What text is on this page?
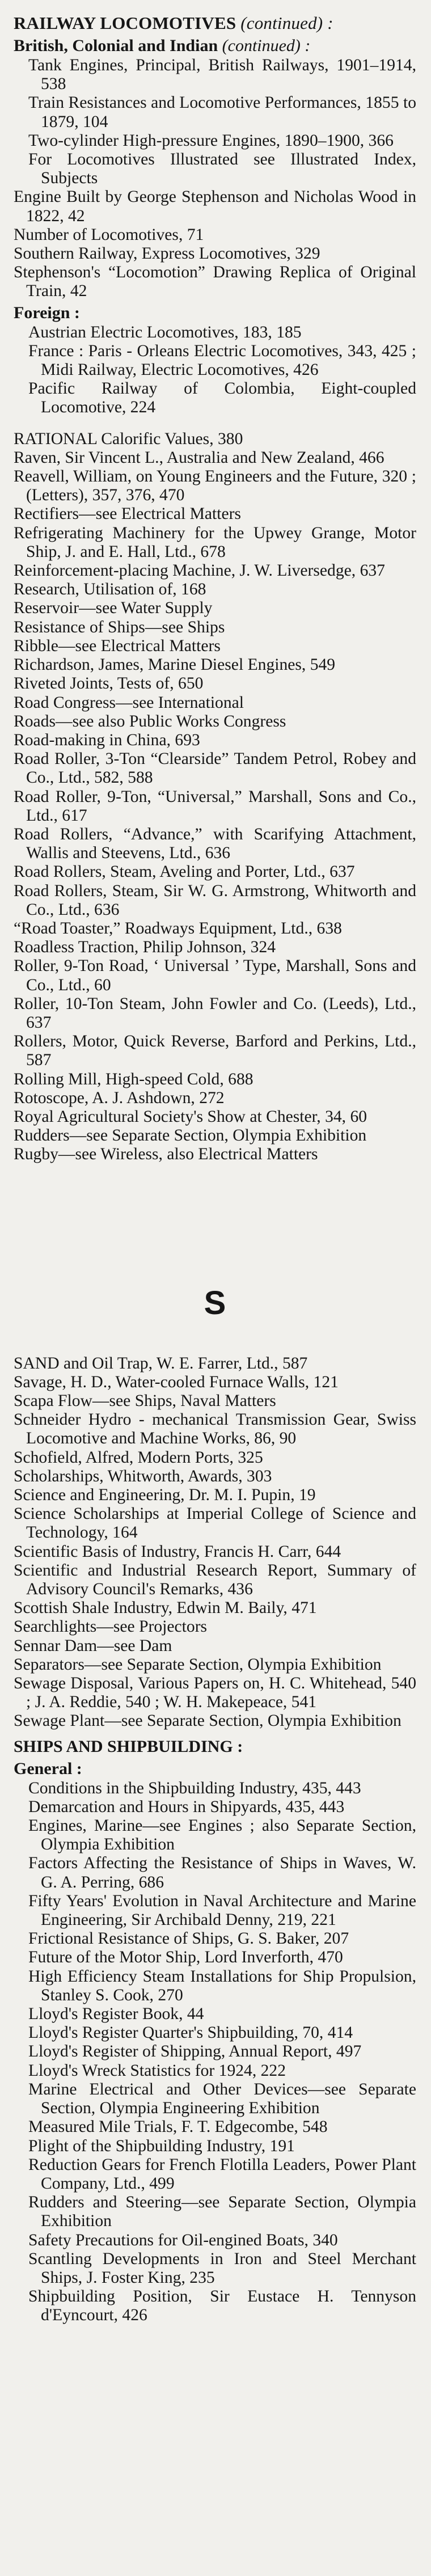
RAILWAY LOCOMOTIVES (continued) :
British, Colonial and Indian (continued) :

Tank Engines, Principal, British Railways, 1901–1914, 538

Train Resistances and Locomotive Performances, 1855 to 1879, 104

Two-cylinder High-pressure Engines, 1890–1900, 366

For Locomotives Illustrated see Illustrated Index, Subjects

Engine Built by George Stephenson and Nicholas Wood in 1822, 42

Number of Locomotives, 71

Southern Railway, Express Locomotives, 329

Stephenson's “Locomotion” Drawing Replica of Original Train, 42

Foreign :

Austrian Electric Locomotives, 183, 185

France : Paris - Orleans Electric Locomotives, 343, 425 ; Midi Railway, Electric Locomotives, 426

Pacific Railway of Colombia, Eight-coupled Locomotive, 224

RATIONAL Calorific Values, 380

Raven, Sir Vincent L., Australia and New Zealand, 466

Reavell, William, on Young Engineers and the Future, 320 ; (Letters), 357, 376, 470

Rectifiers—see Electrical Matters

Refrigerating Machinery for the Upwey Grange, Motor Ship, J. and E. Hall, Ltd., 678

Reinforcement-placing Machine, J. W. Liversedge, 637

Research, Utilisation of, 168

Reservoir—see Water Supply

Resistance of Ships—see Ships

Ribble—see Electrical Matters

Richardson, James, Marine Diesel Engines, 549

Riveted Joints, Tests of, 650

Road Congress—see International

Roads—see also Public Works Congress

Road-making in China, 693

Road Roller, 3-Ton “Clearside” Tandem Petrol, Robey and Co., Ltd., 582, 588

Road Roller, 9-Ton, “Universal,” Marshall, Sons and Co., Ltd., 617

Road Rollers, “Advance,” with Scarifying Attachment, Wallis and Steevens, Ltd., 636

Road Rollers, Steam, Aveling and Porter, Ltd., 637

Road Rollers, Steam, Sir W. G. Armstrong, Whitworth and Co., Ltd., 636

“Road Toaster,” Roadways Equipment, Ltd., 638

Roadless Traction, Philip Johnson, 324

Roller, 9-Ton Road, ‘ Universal ’ Type, Marshall, Sons and Co., Ltd., 60

Roller, 10-Ton Steam, John Fowler and Co. (Leeds), Ltd., 637

Rollers, Motor, Quick Reverse, Barford and Perkins, Ltd., 587

Rolling Mill, High-speed Cold, 688

Rotoscope, A. J. Ashdown, 272

Royal Agricultural Society's Show at Chester, 34, 60

Rudders—see Separate Section, Olympia Exhibition

Rugby—see Wireless, also Electrical Matters

S

SAND and Oil Trap, W. E. Farrer, Ltd., 587

Savage, H. D., Water-cooled Furnace Walls, 121

Scapa Flow—see Ships, Naval Matters

Schneider Hydro - mechanical Transmission Gear, Swiss Locomotive and Machine Works, 86, 90

Schofield, Alfred, Modern Ports, 325

Scholarships, Whitworth, Awards, 303

Science and Engineering, Dr. M. I. Pupin, 19

Science Scholarships at Imperial College of Science and Technology, 164

Scientific Basis of Industry, Francis H. Carr, 644

Scientific and Industrial Research Report, Summary of Advisory Council's Remarks, 436

Scottish Shale Industry, Edwin M. Baily, 471

Searchlights—see Projectors

Sennar Dam—see Dam

Separators—see Separate Section, Olympia Exhibition

Sewage Disposal, Various Papers on, H. C. Whitehead, 540 ; J. A. Reddie, 540 ; W. H. Makepeace, 541

Sewage Plant—see Separate Section, Olympia Exhibition

SHIPS AND SHIPBUILDING :
General :

Conditions in the Shipbuilding Industry, 435, 443

Demarcation and Hours in Shipyards, 435, 443

Engines, Marine—see Engines ; also Separate Section, Olympia Exhibition

Factors Affecting the Resistance of Ships in Waves, W. G. A. Perring, 686

Fifty Years' Evolution in Naval Architecture and Marine Engineering, Sir Archibald Denny, 219, 221

Frictional Resistance of Ships, G. S. Baker, 207

Future of the Motor Ship, Lord Inverforth, 470

High Efficiency Steam Installations for Ship Propulsion, Stanley S. Cook, 270

Lloyd's Register Book, 44

Lloyd's Register Quarter's Shipbuilding, 70, 414

Lloyd's Register of Shipping, Annual Report, 497

Lloyd's Wreck Statistics for 1924, 222

Marine Electrical and Other Devices—see Separate Section, Olympia Engineering Exhibition

Measured Mile Trials, F. T. Edgecombe, 548

Plight of the Shipbuilding Industry, 191

Reduction Gears for French Flotilla Leaders, Power Plant Company, Ltd., 499

Rudders and Steering—see Separate Section, Olympia Exhibition

Safety Precautions for Oil-engined Boats, 340

Scantling Developments in Iron and Steel Merchant Ships, J. Foster King, 235

Shipbuilding Position, Sir Eustace H. Tennyson d'Eyncourt, 426
